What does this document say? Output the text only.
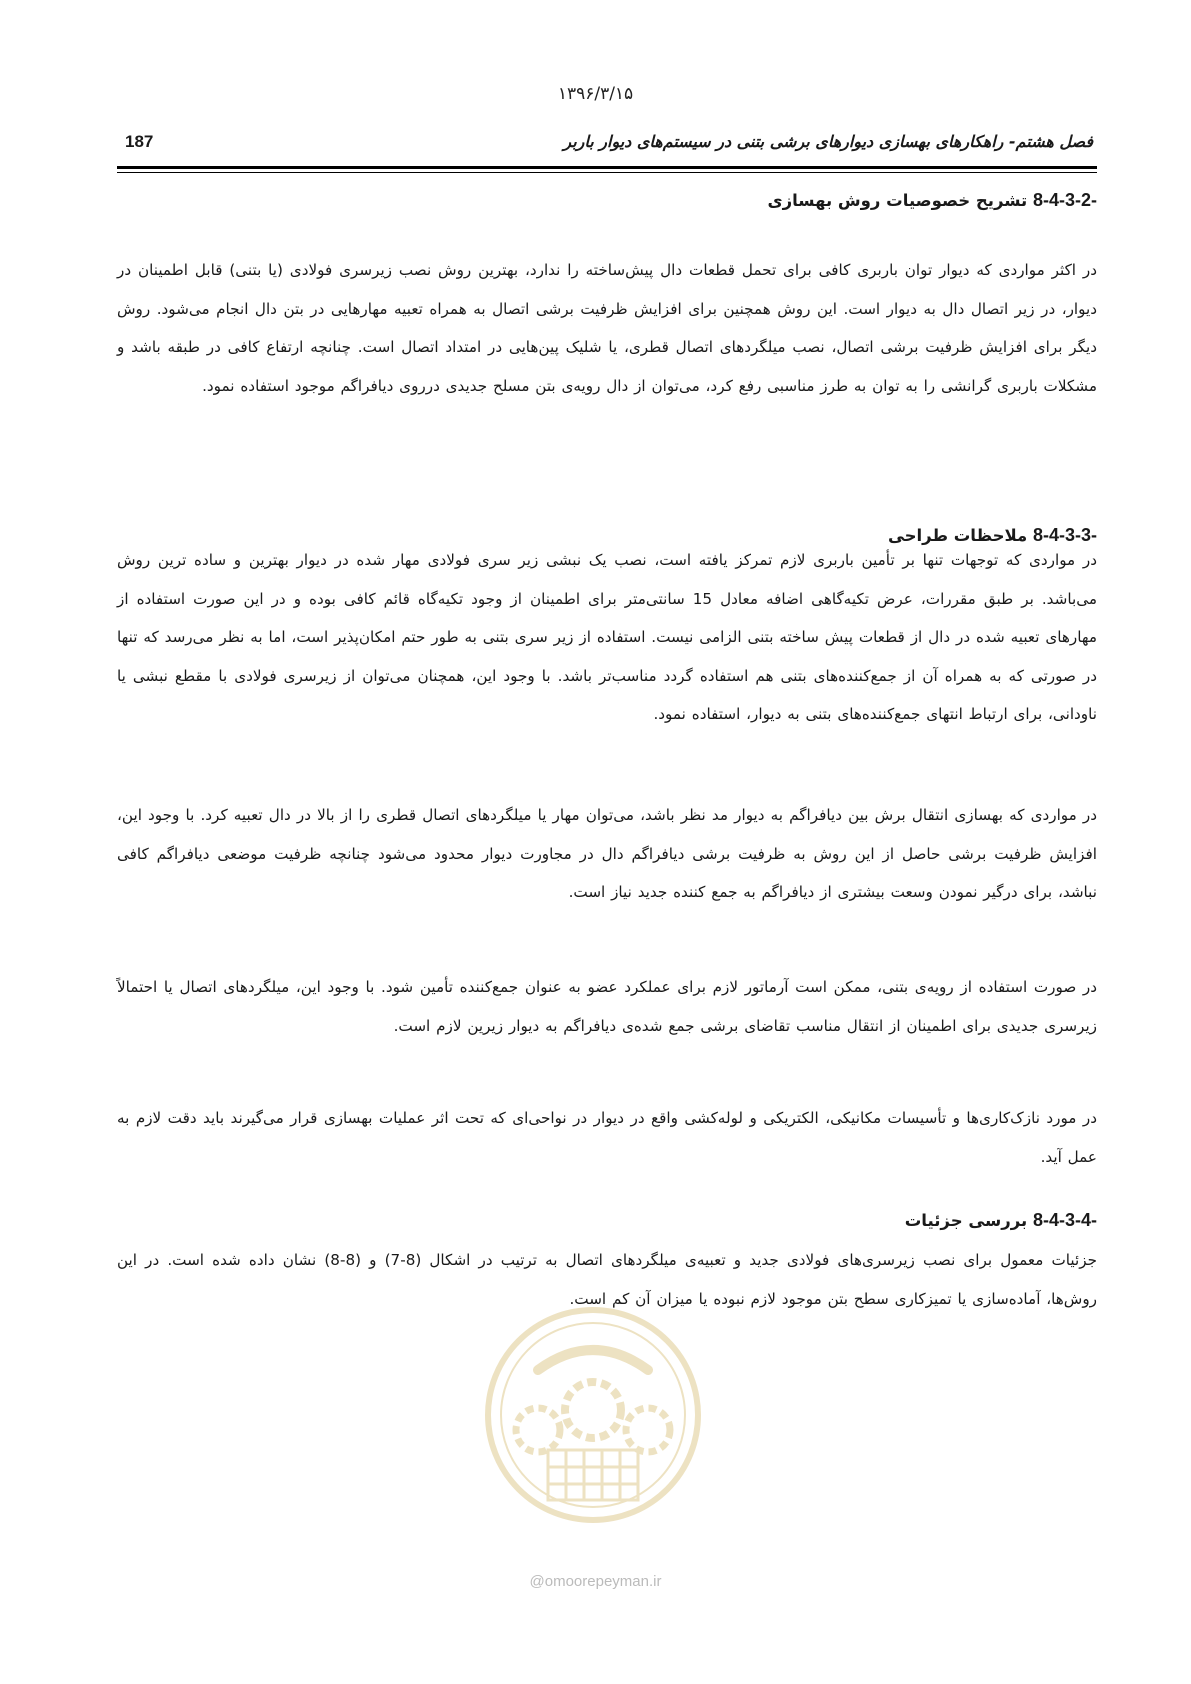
۱۳۹۶/۳/۱۵
187	فصل هشتم- راهکارهای بهسازی دیوارهای برشی بتنی در سیستم‌های دیوار باربر
8-4-3-2- تشریح خصوصیات روش بهسازی
در اکثر مواردی که دیوار توان باربری کافی برای تحمل قطعات دال پیش‌ساخته را ندارد، بهترین روش نصب زیرسری فولادی (یا بتنی) قابل اطمینان در دیوار، در زیر اتصال دال به دیوار است. این روش همچنین برای افزایش ظرفیت برشی اتصال به همراه تعبیه مهارهایی در بتن دال انجام می‌شود. روش دیگر برای افزایش ظرفیت برشی اتصال، نصب میلگردهای اتصال قطری، یا شلیک پین‌هایی در امتداد اتصال است. چنانچه ارتفاع کافی در طبقه باشد و مشکلات باربری گرانشی را به توان به طرز مناسبی رفع کرد، می‌توان از دال رویه‌ی بتن مسلح جدیدی درروی دیافراگم موجود استفاده نمود.
8-4-3-3- ملاحظات طراحی
در مواردی که توجهات تنها بر تأمین باربری لازم تمرکز یافته است، نصب یک نبشی زیر سری فولادی مهار شده در دیوار بهترین و ساده ترین روش می‌باشد. بر طبق مقررات، عرض تکیه‌گاهی اضافه معادل 15 سانتی‌متر برای اطمینان از وجود تکیه‌گاه قائم کافی بوده و در این صورت استفاده از مهارهای تعبیه شده در دال از قطعات پیش ساخته بتنی الزامی نیست. استفاده از زیر سری بتنی به طور حتم امکان‌پذیر است، اما به نظر می‌رسد که تنها در صورتی که به همراه آن از جمع‌کننده‌های بتنی هم استفاده گردد مناسب‌تر باشد. با وجود این، همچنان می‌توان از زیرسری فولادی با مقطع نبشی یا ناودانی، برای ارتباط انتهای جمع‌کننده‌های بتنی به دیوار، استفاده نمود.
در مواردی که بهسازی انتقال برش بین دیافراگم به دیوار مد نظر باشد، می‌توان مهار یا میلگردهای اتصال قطری را از بالا در دال تعبیه کرد. با وجود این، افزایش ظرفیت برشی حاصل از این روش به ظرفیت برشی دیافراگم دال در مجاورت دیوار محدود می‌شود چنانچه ظرفیت موضعی دیافراگم کافی نباشد، برای درگیر نمودن وسعت بیشتری از دیافراگم به جمع کننده جدید نیاز است.
در صورت استفاده از رویه‌ی بتنی، ممکن است آرماتور لازم برای عملکرد عضو به عنوان جمع‌کننده تأمین شود. با وجود این، میلگردهای اتصال یا احتمالاً زیرسری جدیدی برای اطمینان از انتقال مناسب تقاضای برشی جمع شده‌ی دیافراگم به دیوار زیرین لازم است.
در مورد نازک‌کاری‌ها و تأسیسات مکانیکی، الکتریکی و لوله‌کشی واقع در دیوار در نواحی‌ای که تحت اثر عملیات بهسازی قرار می‌گیرند باید دقت لازم به عمل آید.
8-4-3-4- بررسی جزئیات
جزئیات معمول برای نصب زیرسری‌های فولادی جدید و تعبیه‌ی میلگردهای اتصال به ترتیب در اشکال (8-7) و (8-8) نشان داده شده است. در این روش‌ها، آماده‌سازی یا تمیزکاری سطح بتن موجود لازم نبوده یا میزان آن کم است.
@omoorepeyman.ir
